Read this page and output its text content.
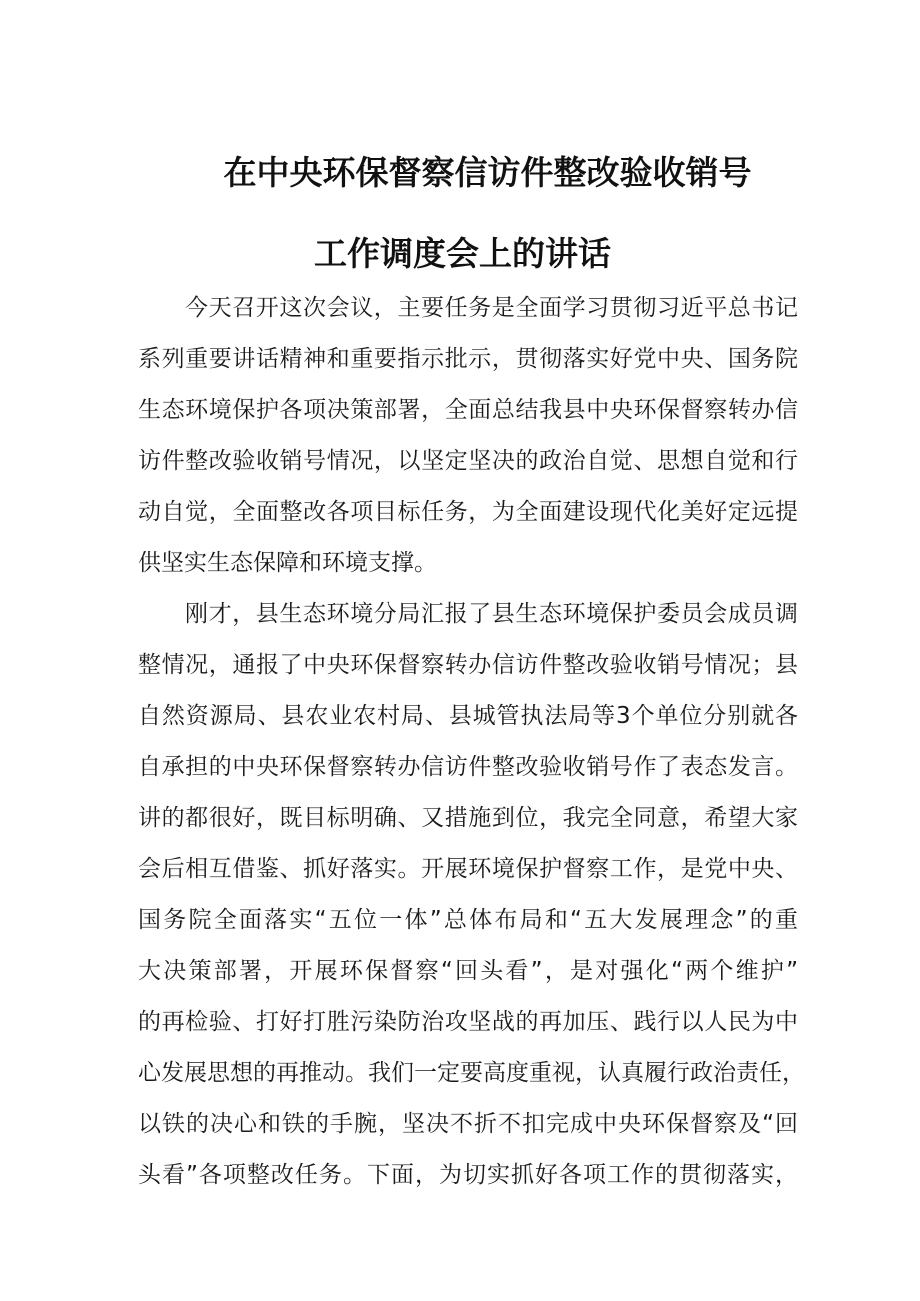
在中央环保督察信访件整改验收销号
工作调度会上的讲话
今天召开这次会议，主要任务是全面学习贯彻习近平总书记
系列重要讲话精神和重要指示批示，贯彻落实好党中央、国务院
生态环境保护各项决策部署，全面总结我县中央环保督察转办信
访件整改验收销号情况，以坚定坚决的政治自觉、思想自觉和行
动自觉，全面整改各项目标任务，为全面建设现代化美好定远提
供坚实生态保障和环境支撑。
刚才，县生态环境分局汇报了县生态环境保护委员会成员调
整情况，通报了中央环保督察转办信访件整改验收销号情况；县
自然资源局、县农业农村局、县城管执法局等3个单位分别就各
自承担的中央环保督察转办信访件整改验收销号作了表态发言。
讲的都很好，既目标明确、又措施到位，我完全同意，希望大家
会后相互借鉴、抓好落实。开展环境保护督察工作，是党中央、
国务院全面落实“五位一体”总体布局和“五大发展理念”的重
大决策部署，开展环保督察“回头看”，是对强化“两个维护”
的再检验、打好打胜污染防治攻坚战的再加压、践行以人民为中
心发展思想的再推动。我们一定要高度重视，认真履行政治责任，
以铁的决心和铁的手腕，坚决不折不扣完成中央环保督察及“回
头看”各项整改任务。下面，为切实抓好各项工作的贯彻落实，
